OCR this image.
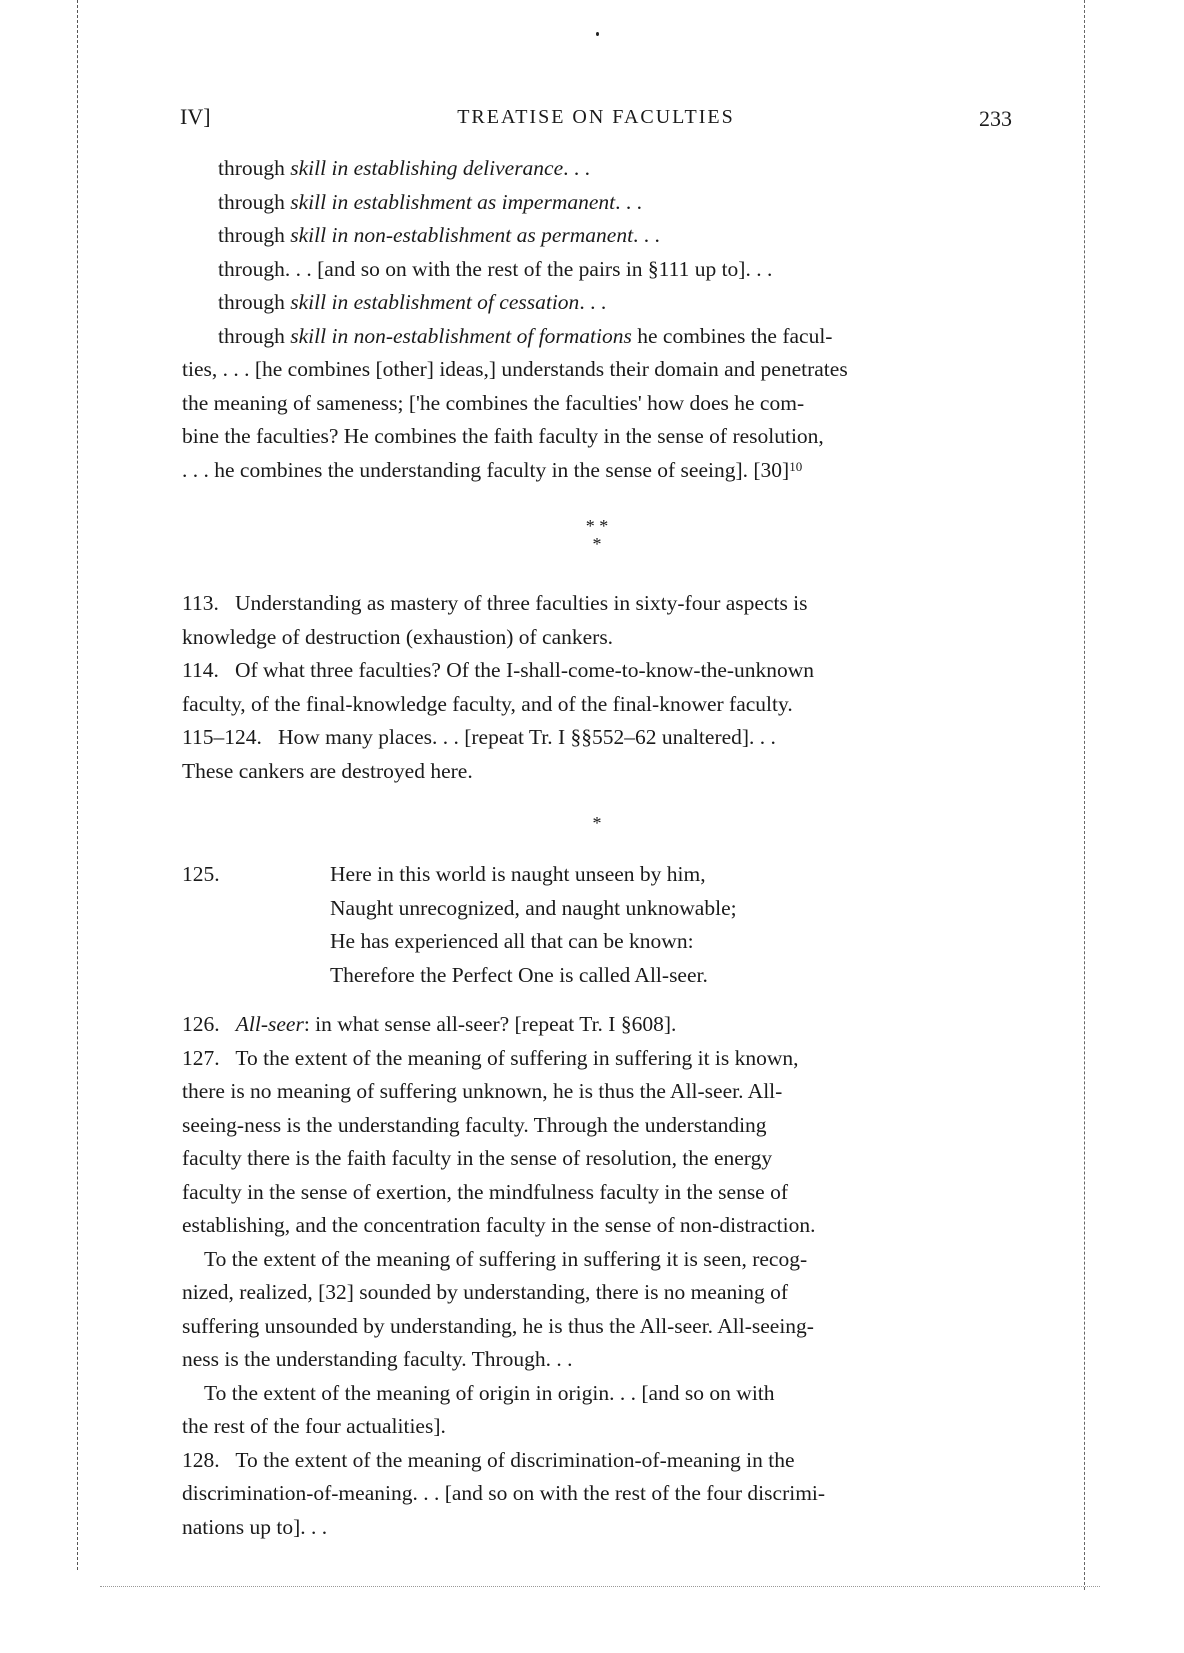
IV]	TREATISE ON FACULTIES	233
through skill in establishing deliverance. . .
through skill in establishment as impermanent. . .
through skill in non-establishment as permanent. . .
through. . . [and so on with the rest of the pairs in §111 up to]. . .
through skill in establishment of cessation. . .
through skill in non-establishment of formations he combines the facul-
ties, . . . [he combines [other] ideas,] understands their domain and penetrates
the meaning of sameness; ['he combines the faculties' how does he com-
bine the faculties? He combines the faith faculty in the sense of resolution,
. . . he combines the understanding faculty in the sense of seeing]. $[30]^{10}$
* *
*
113. Understanding as mastery of three faculties in sixty-four aspects is
knowledge of destruction (exhaustion) of cankers.
114. Of what three faculties? Of the I-shall-come-to-know-the-unknown
faculty, of the final-knowledge faculty, and of the final-knower faculty.
115–124. How many places. . . [repeat Tr. I §§552–62 unaltered]. . .
These cankers are destroyed here.
*
125.	Here in this world is naught unseen by him,
Naught unrecognized, and naught unknowable;
He has experienced all that can be known:
Therefore the Perfect One is called All-seer.
126. All-seer: in what sense all-seer? [repeat Tr. I §608].
127. To the extent of the meaning of suffering in suffering it is known,
there is no meaning of suffering unknown, he is thus the All-seer. All-
seeing-ness is the understanding faculty. Through the understanding
faculty there is the faith faculty in the sense of resolution, the energy
faculty in the sense of exertion, the mindfulness faculty in the sense of
establishing, and the concentration faculty in the sense of non-distraction.
To the extent of the meaning of suffering in suffering it is seen, recog-
nized, realized, [32] sounded by understanding, there is no meaning of
suffering unsounded by understanding, he is thus the All-seer. All-seeing-
ness is the understanding faculty. Through. . .
To the extent of the meaning of origin in origin. . . [and so on with
the rest of the four actualities].
128. To the extent of the meaning of discrimination-of-meaning in the
discrimination-of-meaning. . . [and so on with the rest of the four discrimi-
nations up to]. . .
